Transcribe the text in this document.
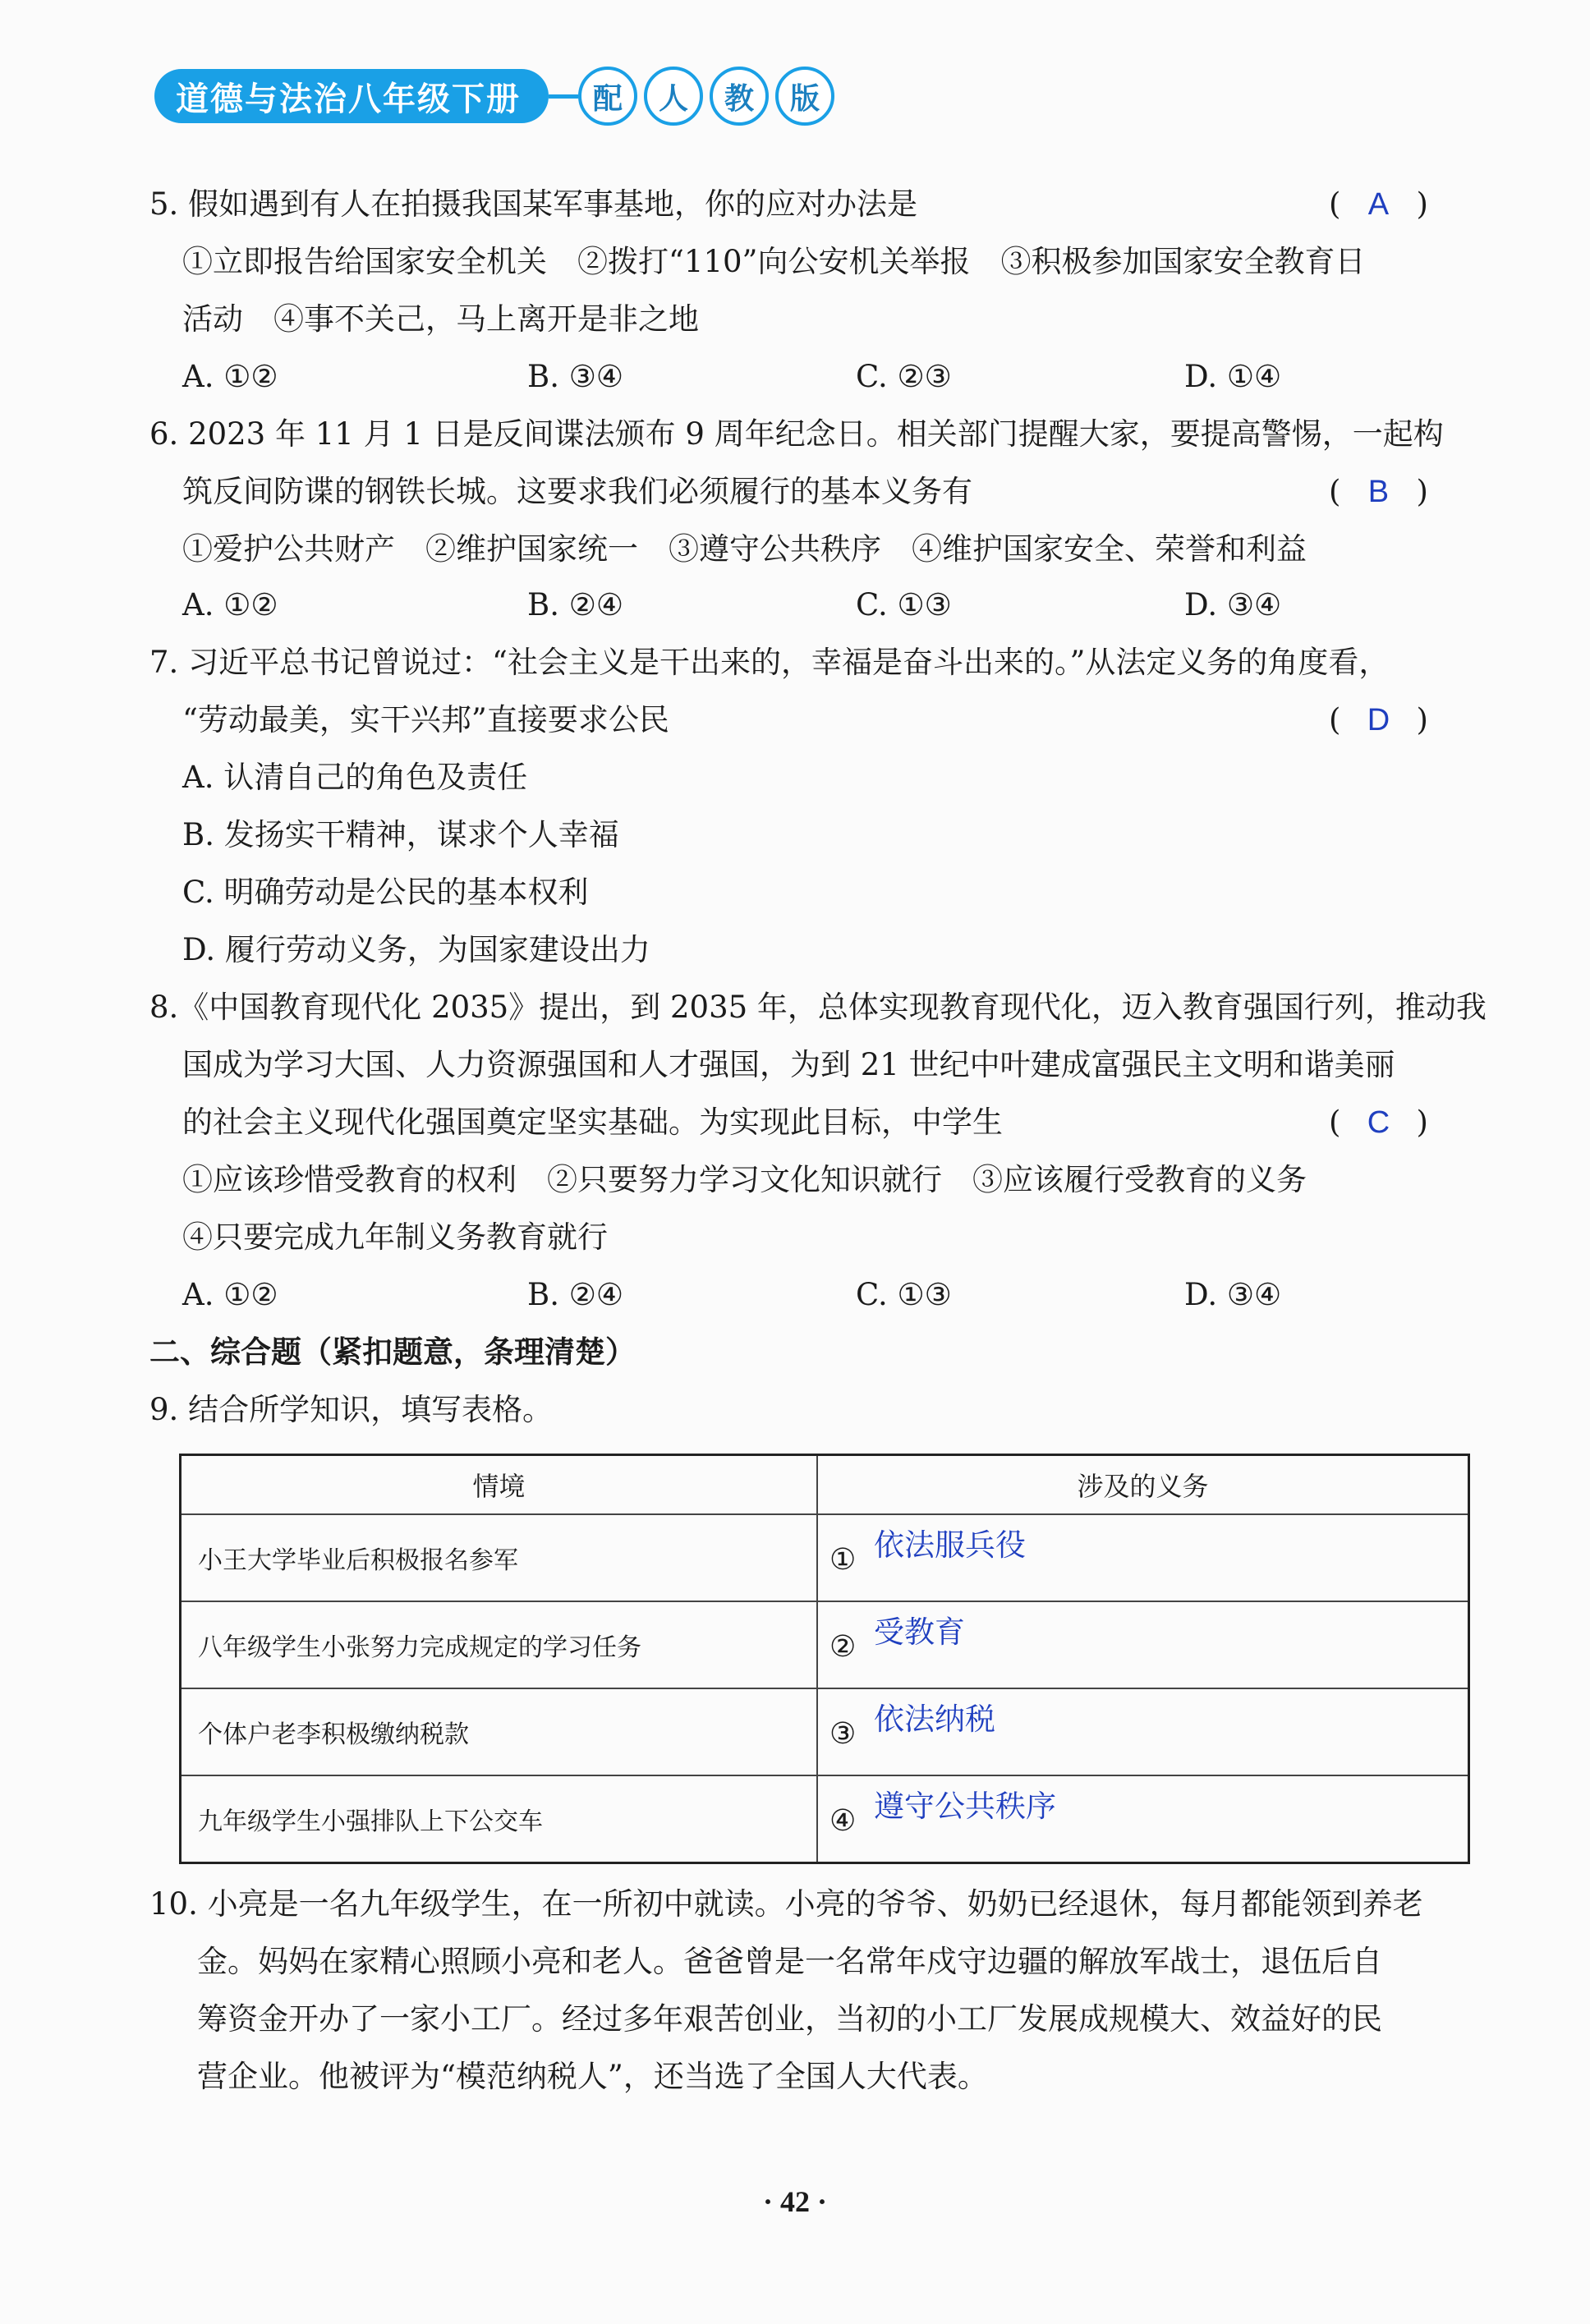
道德与法治八年级下册	配	人	教	版
5. 假如遇到有人在拍摄我国某军事基地，你的应对办法是	( A )
①立即报告给国家安全机关　②拨打“110”向公安机关举报　③积极参加国家安全教育日
活动　④事不关己，马上离开是非之地
A. ①②	B. ③④	C. ②③	D. ①④
6. 2023 年 11 月 1 日是反间谍法颁布 9 周年纪念日。相关部门提醒大家，要提高警惕，一起构
筑反间防谍的钢铁长城。这要求我们必须履行的基本义务有	( B )
①爱护公共财产　②维护国家统一　③遵守公共秩序　④维护国家安全、荣誉和利益
A. ①②	B. ②④	C. ①③	D. ③④
7. 习近平总书记曾说过：“社会主义是干出来的，幸福是奋斗出来的。”从法定义务的角度看，
“劳动最美，实干兴邦”直接要求公民	( D )
A. 认清自己的角色及责任
B. 发扬实干精神，谋求个人幸福
C. 明确劳动是公民的基本权利
D. 履行劳动义务，为国家建设出力
8.《中国教育现代化 2035》提出，到 2035 年，总体实现教育现代化，迈入教育强国行列，推动我
国成为学习大国、人力资源强国和人才强国，为到 21 世纪中叶建成富强民主文明和谐美丽
的社会主义现代化强国奠定坚实基础。为实现此目标，中学生	( C )
①应该珍惜受教育的权利　②只要努力学习文化知识就行　③应该履行受教育的义务
④只要完成九年制义务教育就行
A. ①②	B. ②④	C. ①③	D. ③④
二、综合题（紧扣题意，条理清楚）
9. 结合所学知识，填写表格。
情境	涉及的义务
小王大学毕业后积极报名参军	① 依法服兵役

八年级学生小张努力完成规定的学习任务	② 受教育

个体户老李积极缴纳税款	③ 依法纳税

九年级学生小强排队上下公交车	④ 遵守公共秩序
10. 小亮是一名九年级学生，在一所初中就读。小亮的爷爷、奶奶已经退休，每月都能领到养老
金。妈妈在家精心照顾小亮和老人。爸爸曾是一名常年戍守边疆的解放军战士，退伍后自
筹资金开办了一家小工厂。经过多年艰苦创业，当初的小工厂发展成规模大、效益好的民
营企业。他被评为“模范纳税人”，还当选了全国人大代表。
· 42 ·
